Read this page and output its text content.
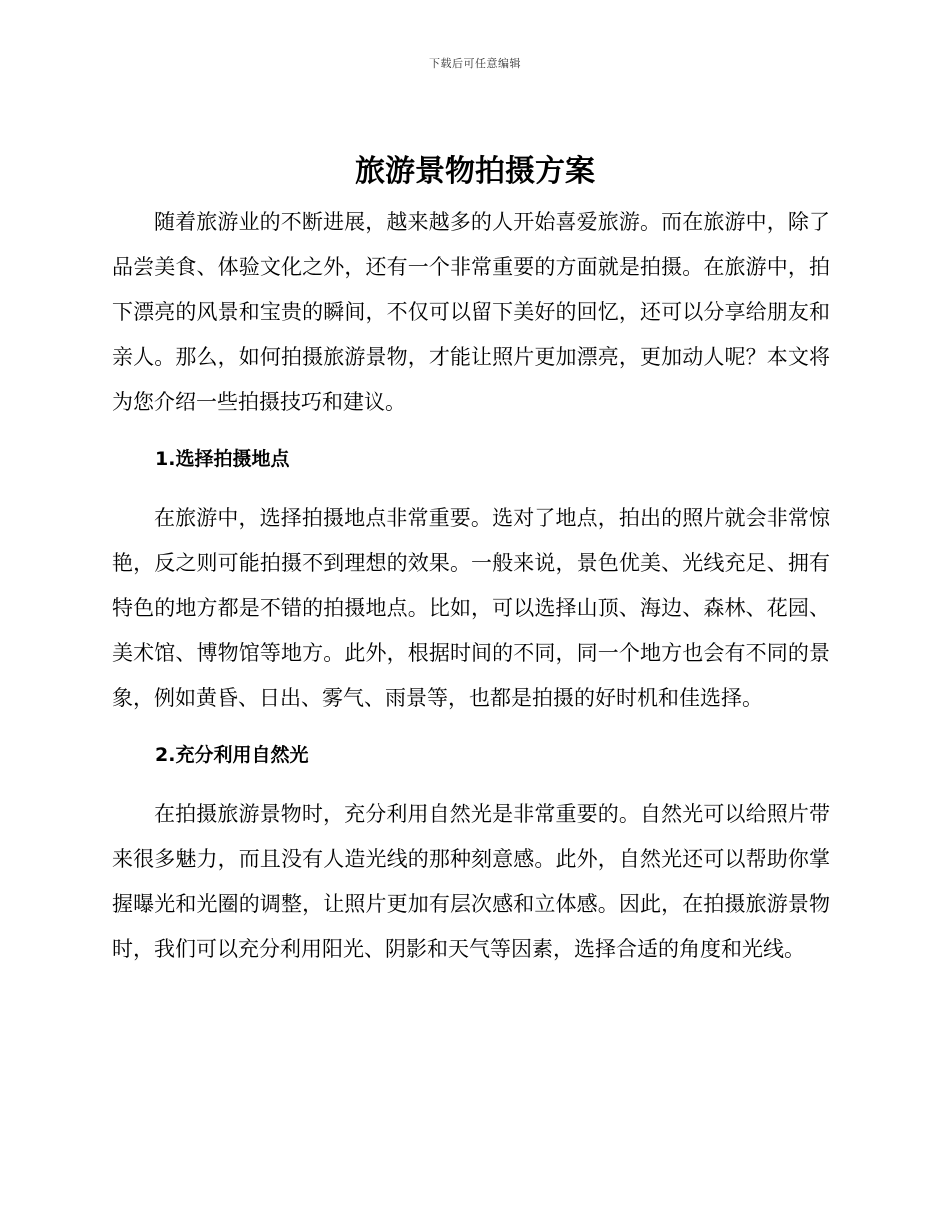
下载后可任意编辑
旅游景物拍摄方案

随着旅游业的不断进展，越来越多的人开始喜爱旅游。而在旅游中，除了品尝美食、体验文化之外，还有一个非常重要的方面就是拍摄。在旅游中，拍下漂亮的风景和宝贵的瞬间，不仅可以留下美好的回忆，还可以分享给朋友和亲人。那么，如何拍摄旅游景物，才能让照片更加漂亮，更加动人呢？本文将为您介绍一些拍摄技巧和建议。

1.选择拍摄地点

在旅游中，选择拍摄地点非常重要。选对了地点，拍出的照片就会非常惊艳，反之则可能拍摄不到理想的效果。一般来说，景色优美、光线充足、拥有特色的地方都是不错的拍摄地点。比如，可以选择山顶、海边、森林、花园、美术馆、博物馆等地方。此外，根据时间的不同，同一个地方也会有不同的景象，例如黄昏、日出、雾气、雨景等，也都是拍摄的好时机和佳选择。

2.充分利用自然光

在拍摄旅游景物时，充分利用自然光是非常重要的。自然光可以给照片带来很多魅力，而且没有人造光线的那种刻意感。此外，自然光还可以帮助你掌握曝光和光圈的调整，让照片更加有层次感和立体感。因此，在拍摄旅游景物时，我们可以充分利用阳光、阴影和天气等因素，选择合适的角度和光线。
